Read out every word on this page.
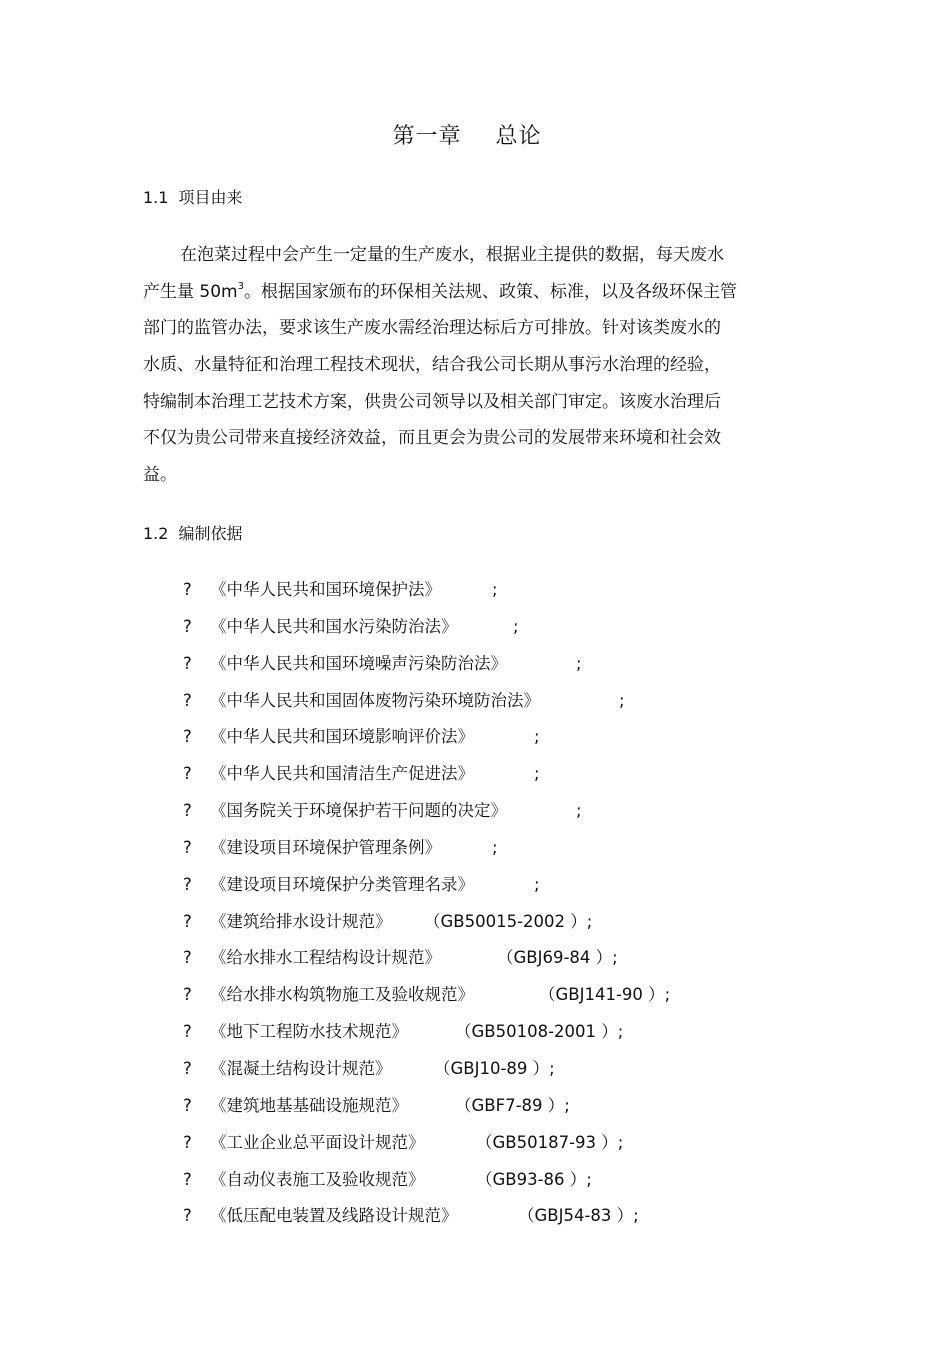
第一章 总论
1.1 项目由来
在泡菜过程中会产生一定量的生产废水，根据业主提供的数据，每天废水
产生量 $50m^3$。根据国家颁布的环保相关法规、政策、标准，以及各级环保主管
部门的监管办法，要求该生产废水需经治理达标后方可排放。针对该类废水的
水质、水量特征和治理工程技术现状，结合我公司长期从事污水治理的经验，
特编制本治理工艺技术方案，供贵公司领导以及相关部门审定。该废水治理后
不仅为贵公司带来直接经济效益，而且更会为贵公司的发展带来环境和社会效
益。
1.2 编制依据
? 《中华人民共和国环境保护法》	;
? 《中华人民共和国水污染防治法》	;
? 《中华人民共和国环境噪声污染防治法》	;
? 《中华人民共和国固体废物污染环境防治法》	;
? 《中华人民共和国环境影响评价法》	;
? 《中华人民共和国清洁生产促进法》	;
? 《国务院关于环境保护若干问题的决定》	;
? 《建设项目环境保护管理条例》	;
? 《建设项目环境保护分类管理名录》	;
? 《建筑给排水设计规范》 （GB50015-2002 ）;
? 《给水排水工程结构设计规范》	（GBJ69-84 ）;
? 《给水排水构筑物施工及验收规范》	（GBJ141-90 ）;
? 《地下工程防水技术规范》	（GB50108-2001 ）;
? 《混凝土结构设计规范》	（GBJ10-89 ）;
? 《建筑地基基础设施规范》	（GBF7-89 ）;
? 《工业企业总平面设计规范》	（GB50187-93 ）;
? 《自动仪表施工及验收规范》	（GB93-86 ）;
? 《低压配电装置及线路设计规范》	（GBJ54-83 ）;
